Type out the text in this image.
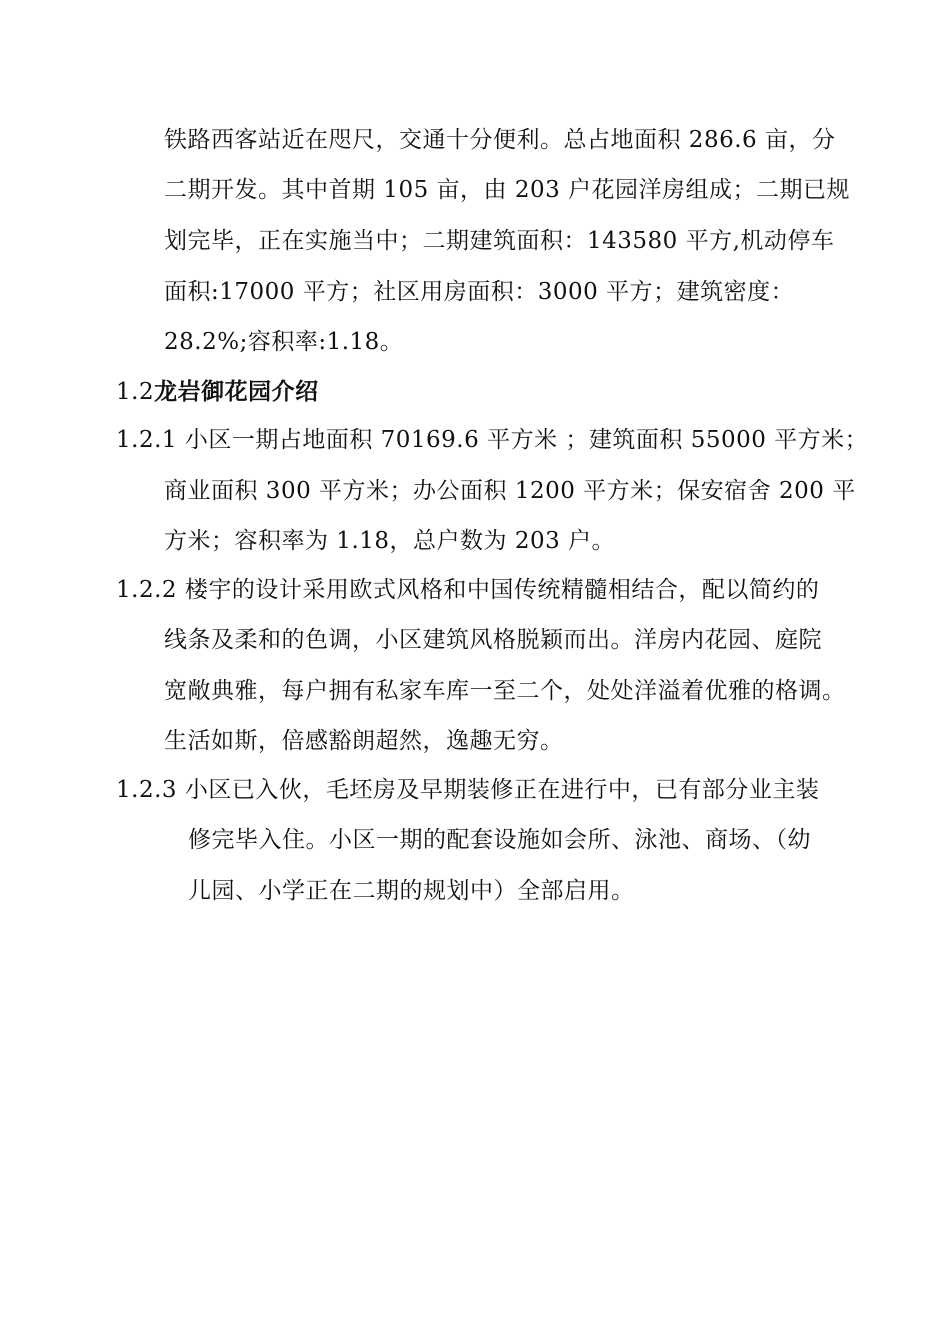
铁路西客站近在咫尺，交通十分便利。总占地面积 286.6 亩，分
二期开发。其中首期 105 亩，由 203 户花园洋房组成；二期已规
划完毕，正在实施当中；二期建筑面积：143580 平方,机动停车
面积:17000 平方；社区用房面积：3000 平方；建筑密度：
28.2%;容积率:1.18。
1.2龙岩御花园介绍
1.2.1 小区一期占地面积 70169.6 平方米 ；建筑面积 55000 平方米；
商业面积 300 平方米；办公面积 1200 平方米；保安宿舍 200 平
方米；容积率为 1.18，总户数为 203 户。
1.2.2 楼宇的设计采用欧式风格和中国传统精髓相结合，配以简约的
线条及柔和的色调，小区建筑风格脱颖而出。洋房内花园、庭院
宽敞典雅，每户拥有私家车库一至二个，处处洋溢着优雅的格调。
生活如斯，倍感豁朗超然，逸趣无穷。
1.2.3 小区已入伙，毛坯房及早期装修正在进行中，已有部分业主装
修完毕入住。小区一期的配套设施如会所、泳池、商场、（幼
儿园、小学正在二期的规划中）全部启用。
